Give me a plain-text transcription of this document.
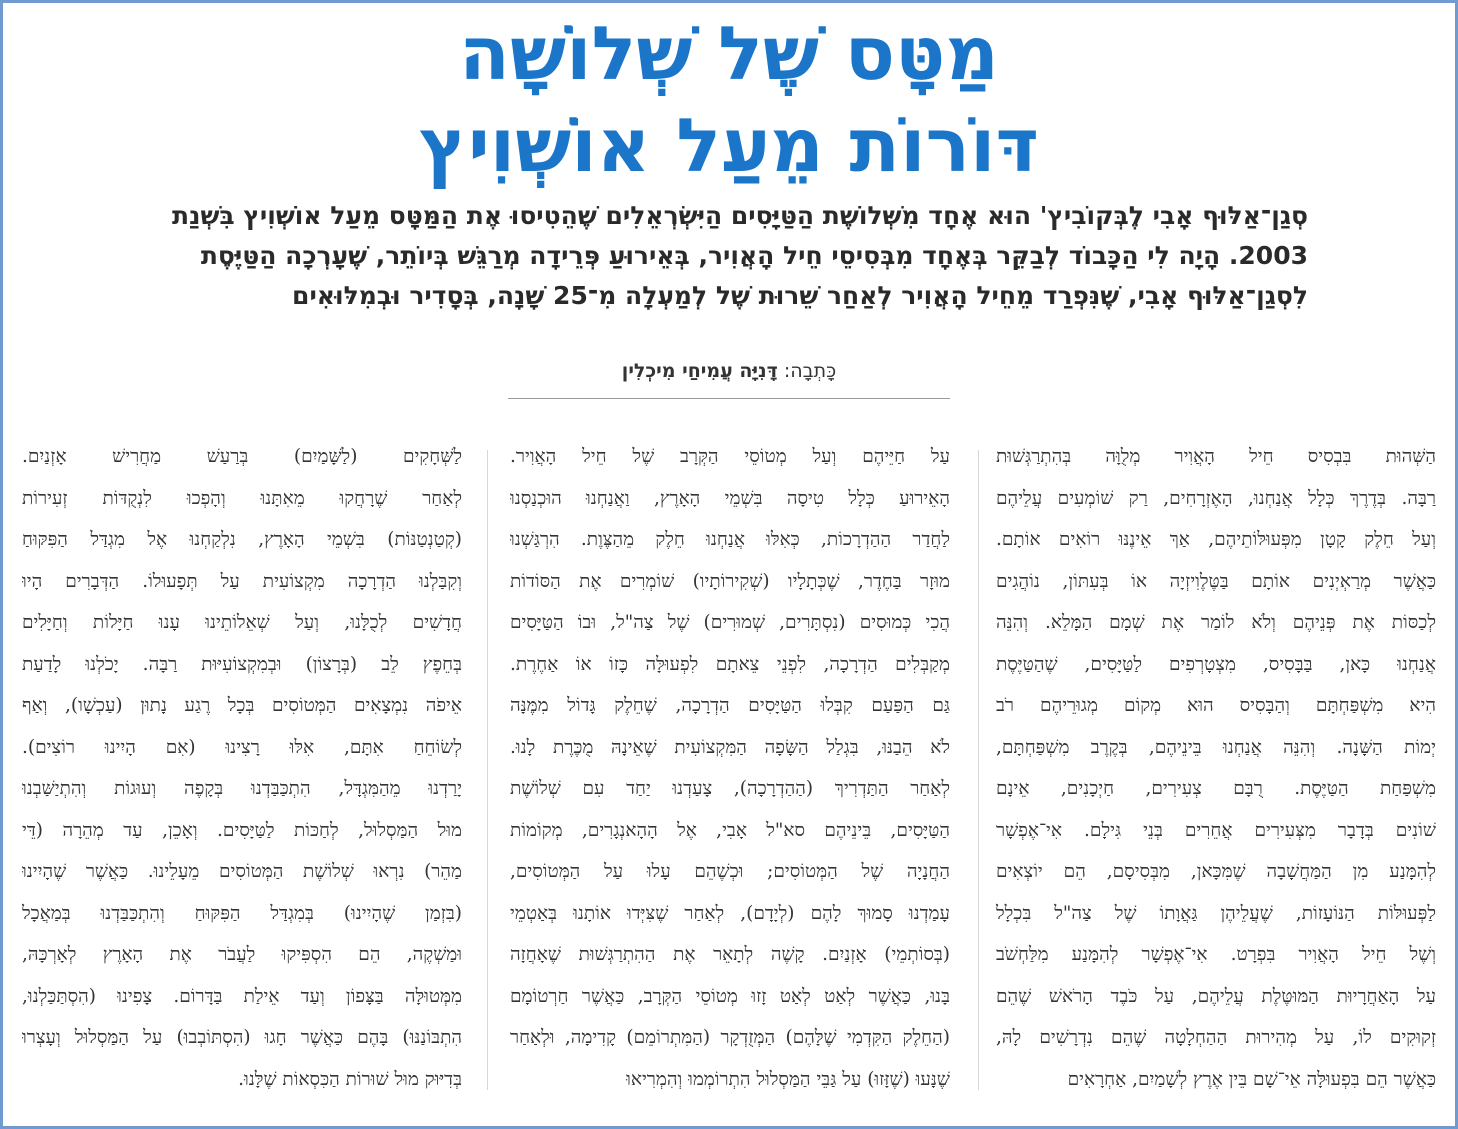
מַטָּס שֶׁל שְׁלוֹשָׁה
דּוֹרוֹת מֵעַל אוֹשְׁוִיץ
סְגַן־אַלּוּף אָבִי לֶבְּקוֹבִיץ' הוּא אֶחָד מִשְּׁלוֹשֶׁת הַטַּיָּסִים הַיִּשְׂרְאֵלִים שֶׁהֵטִיסוּ אֶת הַמַּטָּס מֵעַל אוֹשְׁוִיץ בִּשְׁנַת
2003. הָיָה לִי הַכָּבוֹד לְבַקֵּר בְּאֶחָד מִבְּסִיסֵי חֵיל הָאֲוִיר, בְּאֵירוּעַ פְּרֵידָה מְרַגֵּשׁ בְּיוֹתֵר, שֶׁעָרְכָה הַטַּיֶּסֶת
לִסְגַן־אַלּוּף אָבִי, שֶׁנִּפְרַד מֵחֵיל הָאֲוִיר לְאַחַר שֵׁרוּת שֶׁל לְמַעְלָה מִ־25 שָׁנָה, בְּסָדִיר וּבְמִלּוּאִים
כָּתְבָה: דָּנִיָּה עֲמִיחַי מִיכְלִין
הַשְּׁהוּת בִּבְסִיס חֵיל הָאֲוִיר מְלֻוָּה בְּהִתְרַגְּשׁוּת
רַבָּה. בְּדֶרֶךְ כְּלָל אֲנַחְנוּ, הָאֶזְרָחִים, רַק שׁוֹמְעִים עֲלֵיהֶם
וְעַל חֵלֶק קָטָן מִפְּעוּלּוֹתֵיהֶם, אַךְ אֵינֶנּוּ רוֹאִים אוֹתָם.
כַּאֲשֶׁר מְרַאְיְנִים אוֹתָם בַּטֶּלֶוִיזְיָה אוֹ בְּעִתּוֹן, נוֹהֲגִים
לְכַסּוֹת אֶת פְּנֵיהֶם וְלֹא לוֹמַר אֶת שְׁמָם הַמָּלֵא. וְהִנֵּה
אֲנַחְנוּ כָּאן, בַּבָּסִיס, מִצְטָרְפִים לַטַּיָּסִים, שֶׁהַטַּיֶּסֶת
הִיא מִשְׁפַּחְתָּם וְהַבָּסִיס הוּא מְקוֹם מְגוּרֵיהֶם רֹב
יְמוֹת הַשָּׁנָה. וְהִנֵּה אֲנַחְנוּ בֵּינֵיהֶם, בְּקֶרֶב מִשְׁפַּחְתָּם,
מִשְׁפַּחַת הַטַּיֶּסֶת. רֻבָּם צְעִירִים, חַיְכָנִים, אֵינָם
שׁוֹנִים בְּדָבָר מִצְּעִירִים אֲחֵרִים בְּנֵי גִּילָם. אִי־אֶפְשָׁר
לְהִמָּנַע מִן הַמַּחֲשָׁבָה שֶׁמִּכָּאן, מִבְּסִיסָם, הֵם יוֹצְאִים
לַפְּעוּלּוֹת הַנּוֹעָזוֹת, שֶׁעֲלֵיהֶן גַּאֲוָתוֹ שֶׁל צַה"ל בִּכְלָל
וְשֶׁל חֵיל הָאֲוִיר בִּפְרָט. אִי־אֶפְשָׁר לְהִמָּנַע מִלַּחְשֹׁב
עַל הָאַחֲרָיוּת הַמּוּטֶּלֶת עֲלֵיהֶם, עַל כֹּבֶד הָרֹאשׁ שֶׁהֵם
זְקוּקִים לוֹ, עַל מְהִירוּת הַהַחְלָטָה שֶׁהֵם נִדְרָשִׁים לָהּ,
כַּאֲשֶׁר הֵם בִּפְעוּלָּה אֵי־שָׁם בֵּין אֶרֶץ לְשָׁמַיִם, אַחְרָאִים
עַל חַיֵּיהֶם וְעַל מְטוֹסֵי הַקְּרָב שֶׁל חֵיל הָאֲוִיר.
הָאֵירוּעַ כְּלָל טִיסָה בִּשְׁמֵי הָאָרֶץ, וַאֲנַחְנוּ הוּכְנַסְנוּ
לַחֲדַר הַהַדְרָכוֹת, כְּאִלּוּ אֲנַחְנוּ חֵלֶק מֵהַצֶּוֶת. הִרְגַּשְׁנוּ
מוּזָר בַּחֶדֶר, שֶׁכְּתָלָיו (שְׁקִירוֹתָיו) שׁוֹמְרִים אֶת הַסּוֹדוֹת
הֲכִי כְּמוּסִים (נִסְתָּרִים, שְׁמוּרִים) שֶׁל צַה"ל, וּבוֹ הַטַּיָּסִים
מְקַבְּלִים הַדְרָכָה, לִפְנֵי צֵאתָם לִפְעוּלָּה כָּזוֹ אוֹ אַחֶרֶת.
גַּם הַפַּעַם קִבְּלוּ הַטַּיָּסִים הַדְרָכָה, שֶׁחֵלֶק גָּדוֹל מִמֶּנָּה
לֹא הֵבַנּוּ, בִּגְלַל הַשָּׂפָה הַמִּקְצוֹעִית שֶׁאֵינָהּ מֻכֶּרֶת לָנוּ.
לְאַחַר הַתַּדְרִיךְ (הַהַדְרָכָה), צָעַדְנוּ יַחַד עִם שְׁלוֹשֶׁת
הַטַּיָּסִים, בֵּינֵיהֶם סא"ל אָבִי, אֶל הָהָאנְגָרִים, מְקוֹמוֹת
הַחֲנָיָה שֶׁל הַמְּטוֹסִים; וּכְשֶׁהֵם עָלוּ עַל הַמְּטוֹסִים,
עָמַדְנוּ סָמוּךְ לָהֶם (לְיָדָם), לְאַחַר שֶׁצִּיְּדוּ אוֹתָנוּ בְּאַטְמֵי
(בְּסוֹתְמֵי) אָזְנַיִם. קָשֶׁה לְתָאֵר אֶת הַהִתְרַגְּשׁוּת שֶׁאָחֲזָה
בָּנוּ, כַּאֲשֶׁר לְאַט לְאַט זָזוּ מְטוֹסֵי הַקְּרָב, כַּאֲשֶׁר חַרְטוֹמָם
(הַחֵלֶק הַקִּדְמִי שֶׁלָּהֶם) הַמְּזֻדְקָר (הַמִּתְרוֹמֵם) קָדִימָה, וּלְאַחַר
שֶׁנָּעוּ (שֶׁזָּזוּ) עַל גַּבֵּי הַמַּסְלוּל הִתְרוֹמְמוּ וְהִמְרִיאוּ
לַשְּׁחָקִים (לַשָּׁמַיִם) בְּרַעַשׁ מַחֲרִישׁ אָזְנַיִם.
לְאַחַר שֶׁרָחֲקוּ מֵאִתָּנוּ וְהָפְכוּ לִנְקֻדּוֹת זְעִירוֹת
(קְטַנְטַנּוֹת) בִּשְׁמֵי הָאָרֶץ, נִלְקַחְנוּ אֶל מִגְדַּל הַפִּקּוּחַ
וְקִבַּלְנוּ הַדְרָכָה מִקְצוֹעִית עַל תְּפָעוּלוֹ. הַדְּבָרִים הָיוּ
חֲדָשִׁים לְכֻלָּנוּ, וְעַל שְׁאֵלוֹתֵינוּ עָנוּ חַיָּלוֹת וְחַיָּלִים
בְּחֵפֶץ לֵב (בְּרָצוֹן) וּבְמִקְצוֹעִיּוּת רַבָּה. יָכֹלְנוּ לָדַעַת
אֵיפֹה נִמְצָאִים הַמְּטוֹסִים בְּכָל רֶגַע נָתוּן (עַכְשָׁו), וְאַף
לְשׂוֹחֵחַ אִתָּם, אִלּוּ רָצִינוּ (אִם הָיִינוּ רוֹצִים).
יָרַדְנוּ מֵהַמִּגְדָּל, הִתְכַּבַּדְנוּ בְּקָפֶה וְעוּגוֹת וְהִתְיַשַּׁבְנוּ
מוּל הַמַּסְלוּל, לְחַכּוֹת לַטַּיָּסִים. וְאָכֵן, עַד מְהֵרָה (דֵּי
מַהֵר) נִרְאוּ שְׁלוֹשֶׁת הַמְּטוֹסִים מֵעָלֵינוּ. כַּאֲשֶׁר שֶׁהָיִינוּ
(בִּזְמַן שֶׁהָיִינוּ) בְּמִגְדַּל הַפִּקּוּחַ וְהִתְכַּבַּדְנוּ בְּמַאֲכָל
וּמַשְׁקֶה, הֵם הִסְפִּיקוּ לַעֲבֹר אֶת הָאָרֶץ לְאָרְכָּהּ,
מִמְּטוּלָּה בַּצָּפוֹן וְעַד אֵילַת בַּדָּרוֹם. צָפִינוּ (הִסְתַּכַּלְנוּ,
הִתְבּוֹנַנּוּ) בָּהֶם כַּאֲשֶׁר חָגוּ (הִסְתּוֹבְבוּ) עַל הַמַּסְלוּל וְעָצְרוּ
בְּדִיּוּק מוּל שׁוּרוֹת הַכִּסְאוֹת שֶׁלָּנוּ.
